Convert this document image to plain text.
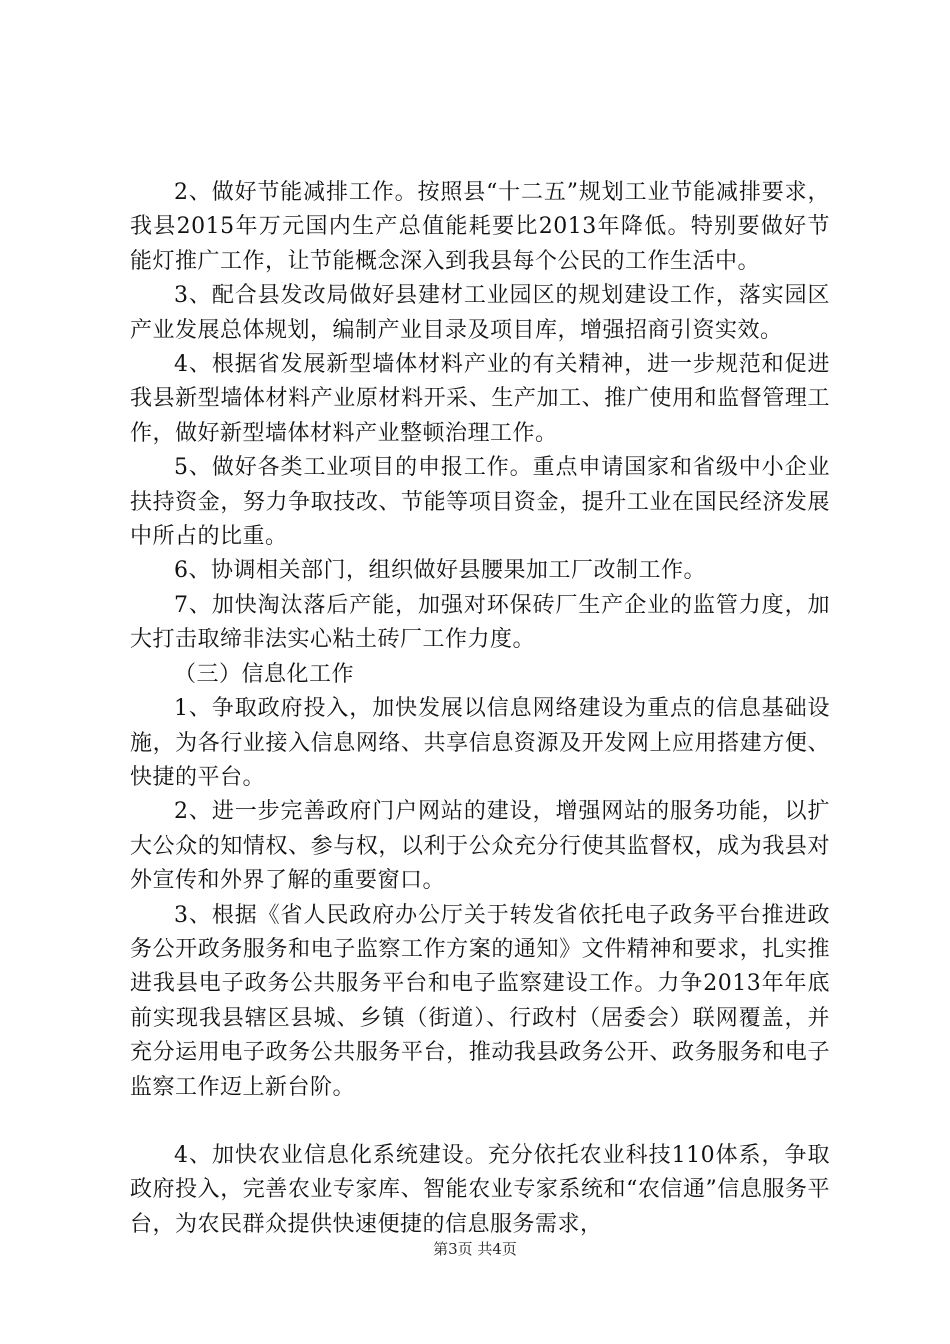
2、做好节能减排工作。按照县“十二五”规划工业节能减排要求，我县2015年万元国内生产总值能耗要比2013年降低。特别要做好节能灯推广工作，让节能概念深入到我县每个公民的工作生活中。

3、配合县发改局做好县建材工业园区的规划建设工作，落实园区产业发展总体规划，编制产业目录及项目库，增强招商引资实效。

4、根据省发展新型墙体材料产业的有关精神，进一步规范和促进我县新型墙体材料产业原材料开采、生产加工、推广使用和监督管理工作，做好新型墙体材料产业整顿治理工作。

5、做好各类工业项目的申报工作。重点申请国家和省级中小企业扶持资金，努力争取技改、节能等项目资金，提升工业在国民经济发展中所占的比重。

6、协调相关部门，组织做好县腰果加工厂改制工作。

7、加快淘汰落后产能，加强对环保砖厂生产企业的监管力度，加大打击取缔非法实心粘土砖厂工作力度。

（三）信息化工作

1、争取政府投入，加快发展以信息网络建设为重点的信息基础设施，为各行业接入信息网络、共享信息资源及开发网上应用搭建方便、快捷的平台。

2、进一步完善政府门户网站的建设，增强网站的服务功能，以扩大公众的知情权、参与权，以利于公众充分行使其监督权，成为我县对外宣传和外界了解的重要窗口。

3、根据《省人民政府办公厅关于转发省依托电子政务平台推进政务公开政务服务和电子监察工作方案的通知》文件精神和要求，扎实推进我县电子政务公共服务平台和电子监察建设工作。力争2013年年底前实现我县辖区县城、乡镇（街道）、行政村（居委会）联网覆盖，并充分运用电子政务公共服务平台，推动我县政务公开、政务服务和电子监察工作迈上新台阶。

4、加快农业信息化系统建设。充分依托农业科技110体系，争取政府投入，完善农业专家库、智能农业专家系统和“农信通”信息服务平台，为农民群众提供快速便捷的信息服务需求，

第3页 共4页
